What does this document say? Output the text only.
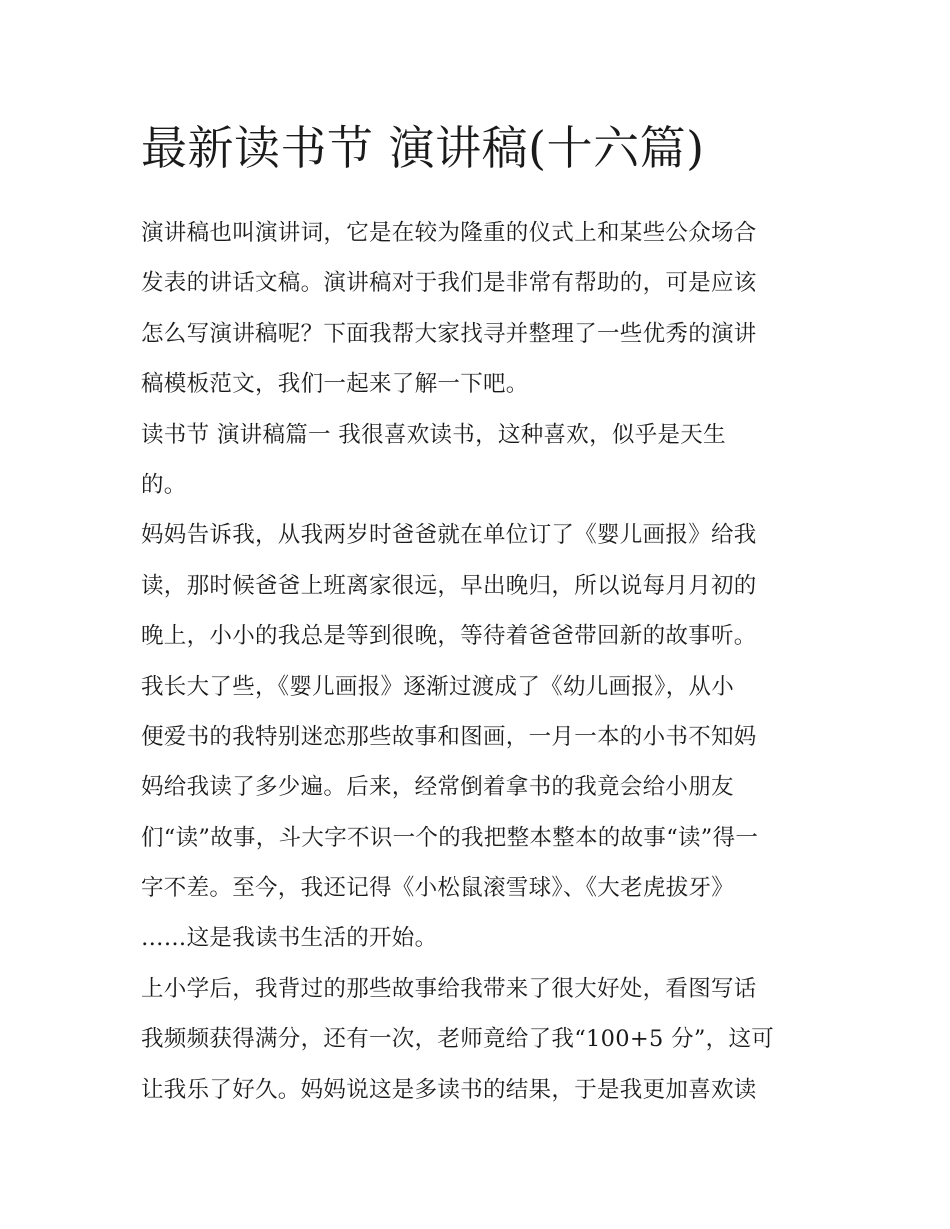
最新读书节 演讲稿(十六篇)
演讲稿也叫演讲词，它是在较为隆重的仪式上和某些公众场合
发表的讲话文稿。演讲稿对于我们是非常有帮助的，可是应该
怎么写演讲稿呢？下面我帮大家找寻并整理了一些优秀的演讲
稿模板范文，我们一起来了解一下吧。
读书节 演讲稿篇一 我很喜欢读书，这种喜欢，似乎是天生
的。
妈妈告诉我，从我两岁时爸爸就在单位订了《婴儿画报》给我
读，那时候爸爸上班离家很远，早出晚归，所以说每月月初的
晚上，小小的我总是等到很晚，等待着爸爸带回新的故事听。
我长大了些，《婴儿画报》逐渐过渡成了《幼儿画报》，从小
便爱书的我特别迷恋那些故事和图画，一月一本的小书不知妈
妈给我读了多少遍。后来，经常倒着拿书的我竟会给小朋友
们“读”故事，斗大字不识一个的我把整本整本的故事“读”得一
字不差。至今，我还记得《小松鼠滚雪球》、《大老虎拔牙》
……这是我读书生活的开始。
上小学后，我背过的那些故事给我带来了很大好处，看图写话
我频频获得满分，还有一次，老师竟给了我“100+5 分”，这可
让我乐了好久。妈妈说这是多读书的结果，于是我更加喜欢读
